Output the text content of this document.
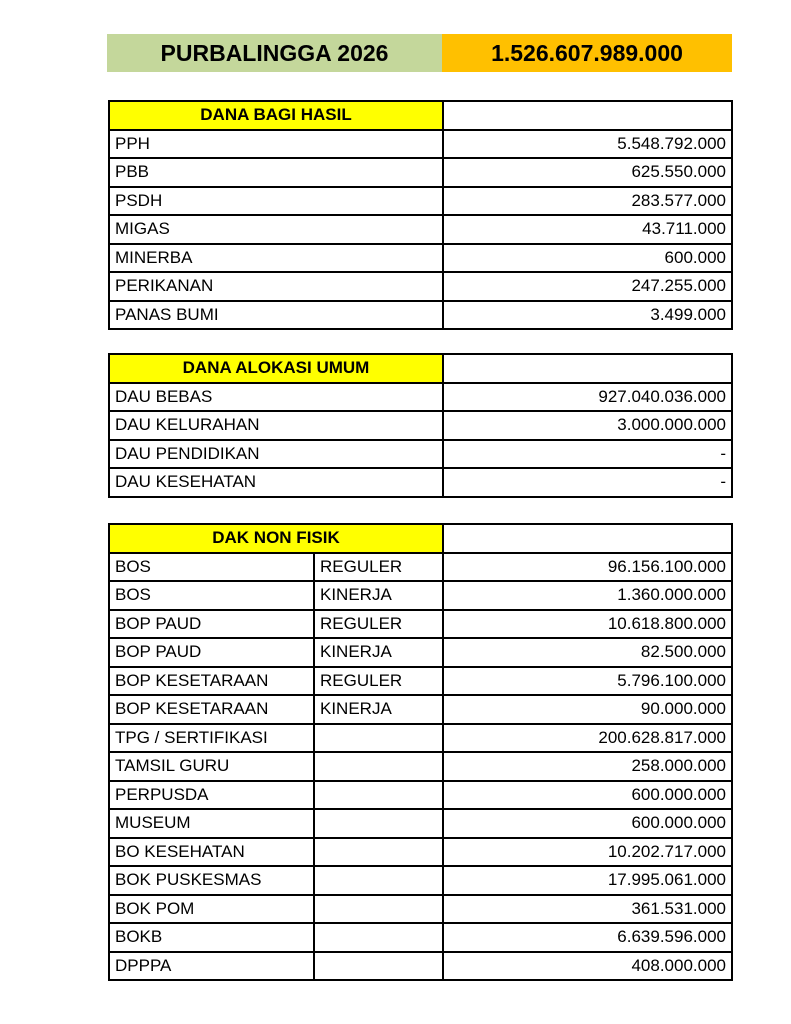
PURBALINGGA 2026	1.526.607.989.000
DANA BAGI HASIL	
PPH	5.548.792.000
PBB	625.550.000
PSDH	283.577.000
MIGAS	43.711.000
MINERBA	600.000
PERIKANAN	247.255.000
PANAS BUMI	3.499.000
DANA ALOKASI UMUM	
DAU BEBAS	927.040.036.000
DAU KELURAHAN	3.000.000.000
DAU PENDIDIKAN	-
DAU KESEHATAN	-
DAK NON FISIK		
BOS	REGULER	96.156.100.000
BOS	KINERJA	1.360.000.000
BOP PAUD	REGULER	10.618.800.000
BOP PAUD	KINERJA	82.500.000
BOP KESETARAAN	REGULER	5.796.100.000
BOP KESETARAAN	KINERJA	90.000.000
TPG / SERTIFIKASI		200.628.817.000
TAMSIL GURU		258.000.000
PERPUSDA		600.000.000
MUSEUM		600.000.000
BO KESEHATAN		10.202.717.000
BOK PUSKESMAS		17.995.061.000
BOK POM		361.531.000
BOKB		6.639.596.000
DPPPA		408.000.000
